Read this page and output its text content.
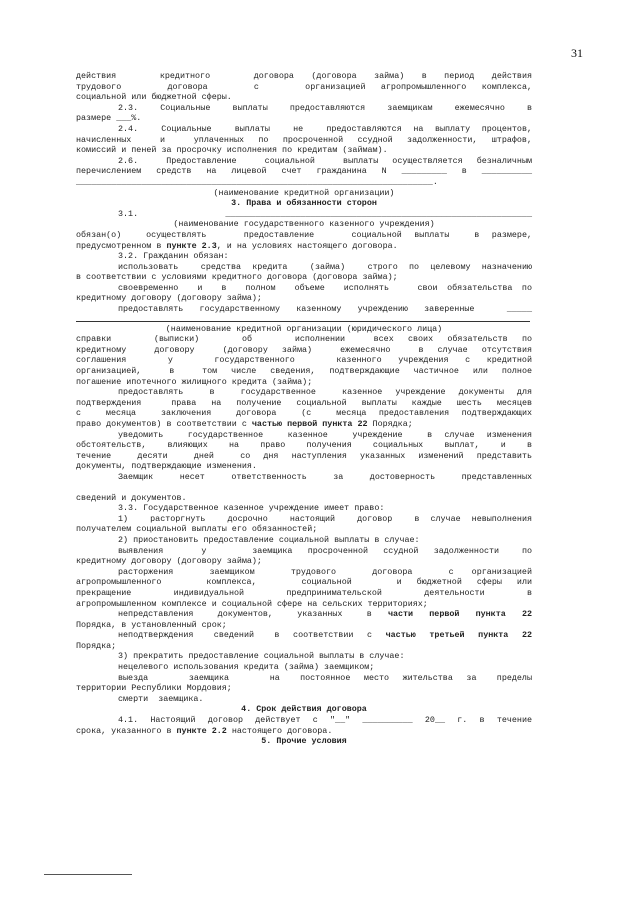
31

действия     кредитного     договора  (договора  займа)  в  период  действия

трудового      договора      с      организацией  агропромышленного  комплекса,

социальной или бюджетной сферы.

2.3.  Социальные  выплаты  предоставляются  заемщикам  ежемесячно  в

размере ___%.

2.4.  Социальные  выплаты  не  предоставляются на выплату процентов,

начисленных  и  уплаченных по просроченной ссудной задолженности, штрафов,

комиссий и пеней за просрочку исполнения по кредитам (займам).

2.6.  Предоставление  социальной  выплаты осуществляется безналичным

перечислением средств на лицевой счет гражданина N _________ в __________

_______________________________________________________________________.

(наименование кредитной организации)

3. Права и обязанности сторон

3.1. _____________________________________________________________

(наименование государственного казенного учреждения)

обязан(о)  осуществлять   предоставление   социальной выплаты  в размере,

предусмотренном в пункте 2.3, и на условиях настоящего договора.

3.2. Гражданин обязан:

использовать  средства кредита  (займа)  строго по целевому назначению

в соответствии с условиями кредитного договора (договора займа);

своевременно  и  в  полном  объеме  исполнять   свои обязательства по

кредитному договору (договору займа);

предоставлять государственному казенному учреждению заверенные  _____

(наименование кредитной организации (юридического лица)

справки      (выписки)      об      исполнении    всех  своих  обязательств  по

кредитному  договору  (договору займа)  ежемесячно  в случае отсутствия

соглашения     у     государственного     казенного  учреждения  с  кредитной

организацией,  в  том числе сведения, подтверждающие частичное или полное

погашение ипотечного жилищного кредита (займа);

предоставлять  в  государственное  казенное учреждение документы для

подтверждения  права на получение социальной выплаты каждые шесть месяцев

с  месяца  заключения  договора  (с  месяца предоставления подтверждающих

право документов) в соответствии с частью первой пункта 22 Порядка;

уведомить  государственное  казенное  учреждение  в случае изменения

обстоятельств,  влияющих  на  право  получения  социальных  выплат,  и  в

течение  десяти  дней  со дня наступления указанных изменений представить

документы, подтверждающие изменения.

Заемщик    несет    ответственность    за    достоверность    представленных

сведений и документов.

3.3. Государственное казенное учреждение имеет право:

1)  расторгнуть  досрочно  настоящий  договор  в случае невыполнения

получателем социальной выплаты его обязанностей;

2) приостановить предоставление социальной выплаты в случае:

выявления     у      заемщика  просроченной  ссудной  задолженности   по

кредитному договору (договору займа);

расторжения      заемщиком      трудового      договора      с   организацией

агропромышленного      комплекса,      социальной      и  бюджетной  сферы  или

прекращение      индивидуальной      предпринимательской      деятельности      в

агропромышленном комплексе и социальной сфере на сельских территориях;

непредставления   документов,   указанных   в  части  первой  пункта  22

Порядка, в установленный срок;

неподтверждения   сведений   в  соответствии  с  частью  третьей  пункта  22

Порядка;

3) прекратить предоставление социальной выплаты в случае:

нецелевого использования кредита (займа) заемщиком;

выезда      заемщика      на   постоянное  место  жительства  за   пределы

территории Республики Мордовия;

смерти  заемщика.

4. Срок действия договора

4.1.  Настоящий  договор  действует  с  "__"  __________  20__  г.  в  течение

срока, указанного в пункте 2.2 настоящего договора.

5. Прочие условия
